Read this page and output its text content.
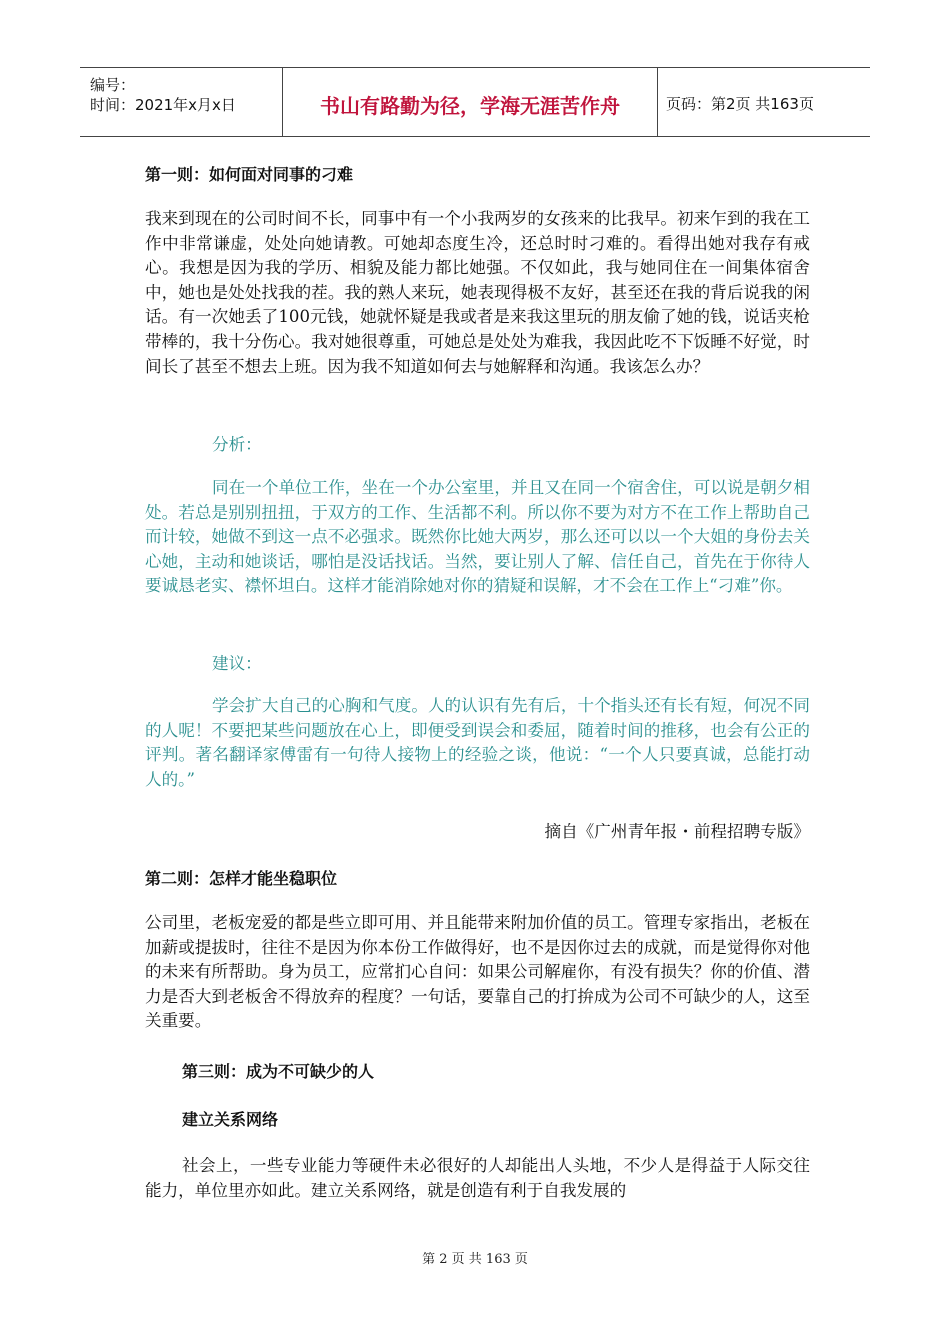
编号：
时间：2021年x月x日	书山有路勤为径，学海无涯苦作舟	页码：第2页 共163页
第一则：如何面对同事的刁难
我来到现在的公司时间不长，同事中有一个小我两岁的女孩来的比我早。初来乍到的我在工作中非常谦虚，处处向她请教。可她却态度生冷，还总时时刁难的。看得出她对我存有戒心。我想是因为我的学历、相貌及能力都比她强。不仅如此，我与她同住在一间集体宿舍中，她也是处处找我的茬。我的熟人来玩，她表现得极不友好，甚至还在我的背后说我的闲话。有一次她丢了100元钱，她就怀疑是我或者是来我这里玩的朋友偷了她的钱，说话夹枪带棒的，我十分伤心。我对她很尊重，可她总是处处为难我，我因此吃不下饭睡不好觉，时间长了甚至不想去上班。因为我不知道如何去与她解释和沟通。我该怎么办？
分析：
同在一个单位工作，坐在一个办公室里，并且又在同一个宿舍住，可以说是朝夕相处。若总是别别扭扭，于双方的工作、生活都不利。所以你不要为对方不在工作上帮助自己而计较，她做不到这一点不必强求。既然你比她大两岁，那么还可以以一个大姐的身份去关心她，主动和她谈话，哪怕是没话找话。当然，要让别人了解、信任自己，首先在于你待人要诚恳老实、襟怀坦白。这样才能消除她对你的猜疑和误解，才不会在工作上“刁难”你。
建议：
学会扩大自己的心胸和气度。人的认识有先有后，十个指头还有长有短，何况不同的人呢！不要把某些问题放在心上，即便受到误会和委屈，随着时间的推移，也会有公正的评判。著名翻译家傅雷有一句待人接物上的经验之谈，他说：“一个人只要真诚，总能打动人的。”
摘自《广州青年报・前程招聘专版》
第二则：怎样才能坐稳职位
公司里，老板宠爱的都是些立即可用、并且能带来附加价值的员工。管理专家指出，老板在加薪或提拔时，往往不是因为你本份工作做得好，也不是因你过去的成就，而是觉得你对他的未来有所帮助。身为员工，应常扪心自问：如果公司解雇你，有没有损失？你的价值、潜力是否大到老板舍不得放弃的程度？一句话，要靠自己的打拚成为公司不可缺少的人，这至关重要。
第三则：成为不可缺少的人
建立关系网络
社会上，一些专业能力等硬件未必很好的人却能出人头地，不少人是得益于人际交往能力，单位里亦如此。建立关系网络，就是创造有利于自我发展的
第 2 页 共 163 页
